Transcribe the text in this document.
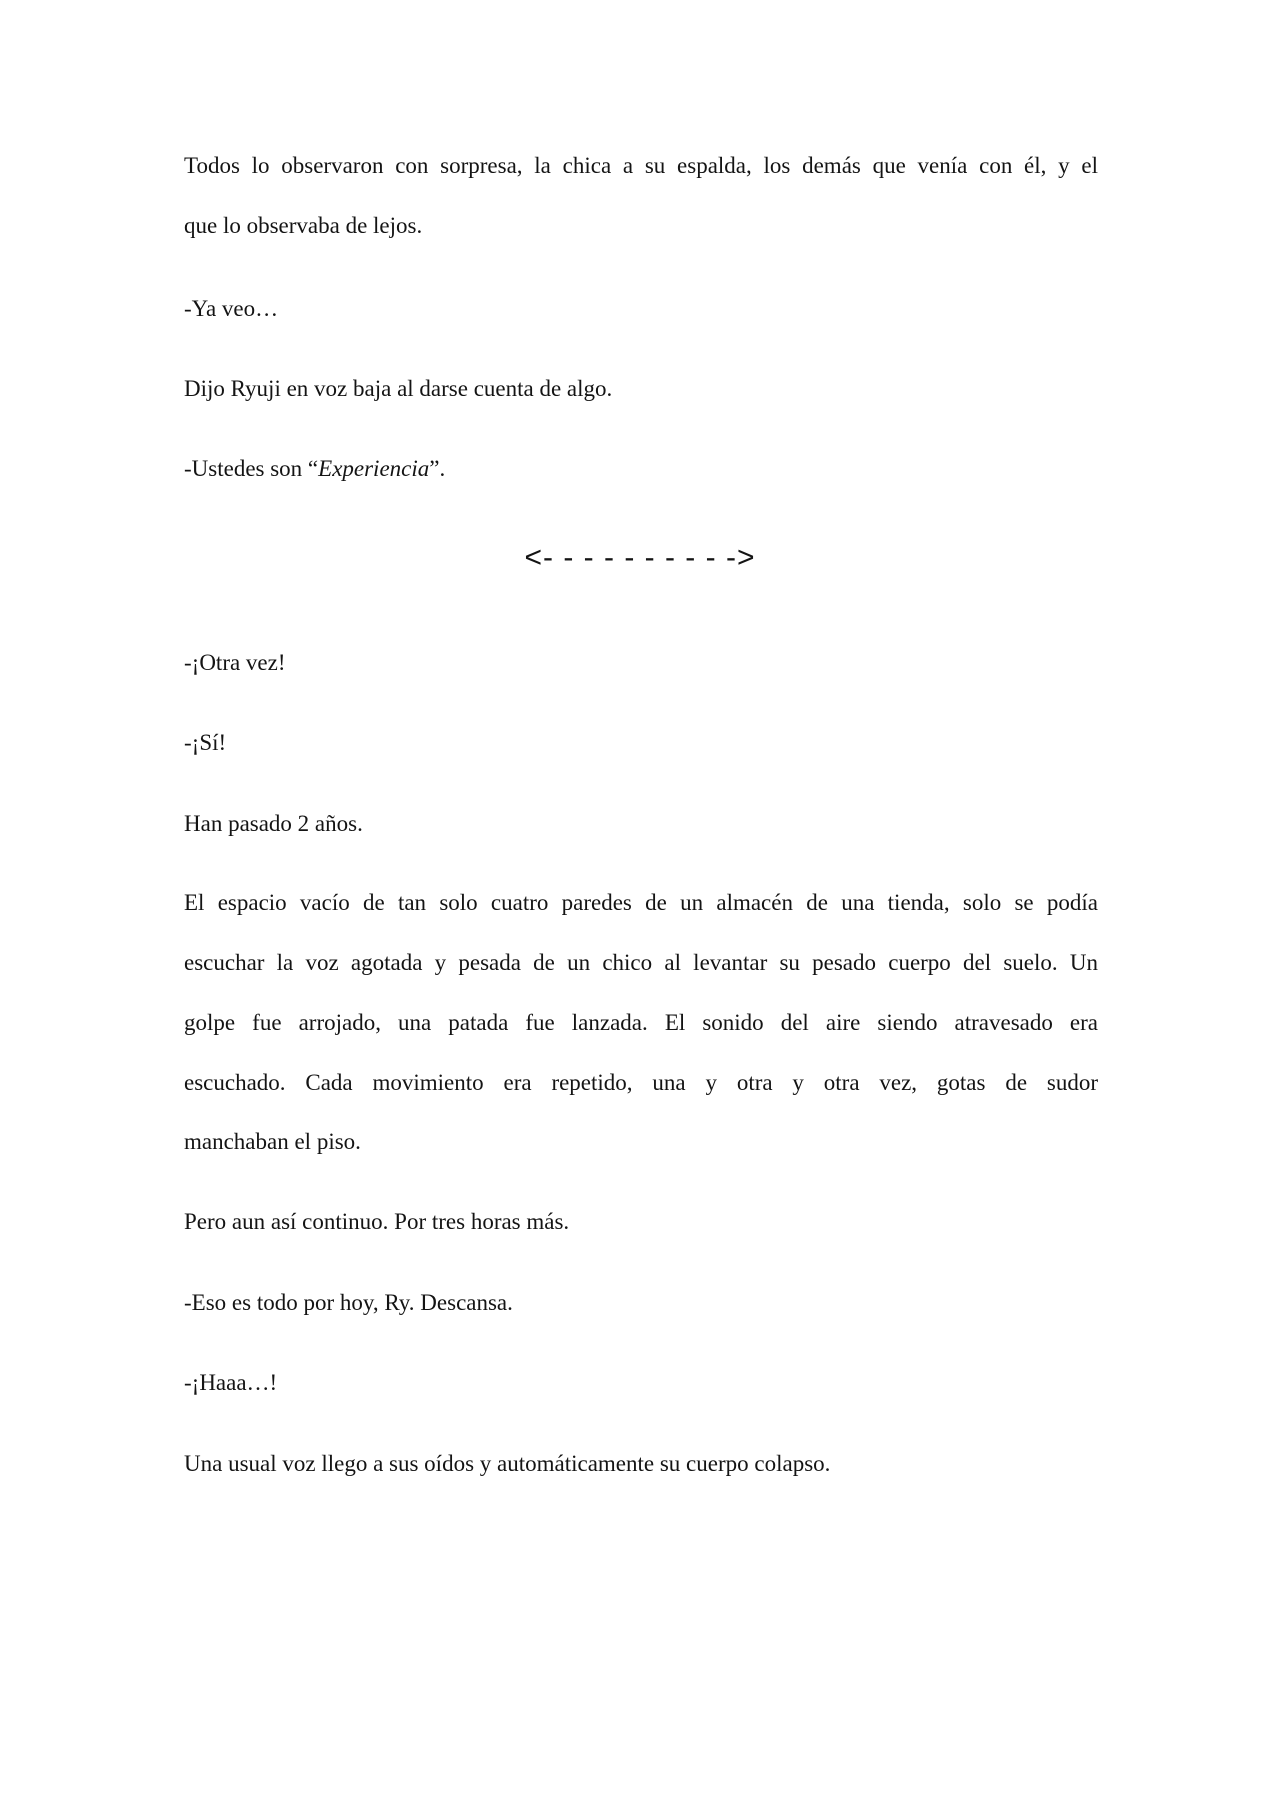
Todos lo observaron con sorpresa, la chica a su espalda, los demás que venía con él, y el
que lo observaba de lejos.
-Ya veo…
Dijo Ryuji en voz baja al darse cuenta de algo.
-Ustedes son “Experiencia”.
<- - - - - - - - - ->
-¡Otra vez!
-¡Sí!
Han pasado 2 años.
El espacio vacío de tan solo cuatro paredes de un almacén de una tienda, solo se podía
escuchar la voz agotada y pesada de un chico al levantar su pesado cuerpo del suelo. Un
golpe fue arrojado, una patada fue lanzada. El sonido del aire siendo atravesado era
escuchado. Cada movimiento era repetido, una y otra y otra vez, gotas de sudor
manchaban el piso.
Pero aun así continuo. Por tres horas más.
-Eso es todo por hoy, Ry. Descansa.
-¡Haaa…!
Una usual voz llego a sus oídos y automáticamente su cuerpo colapso.
